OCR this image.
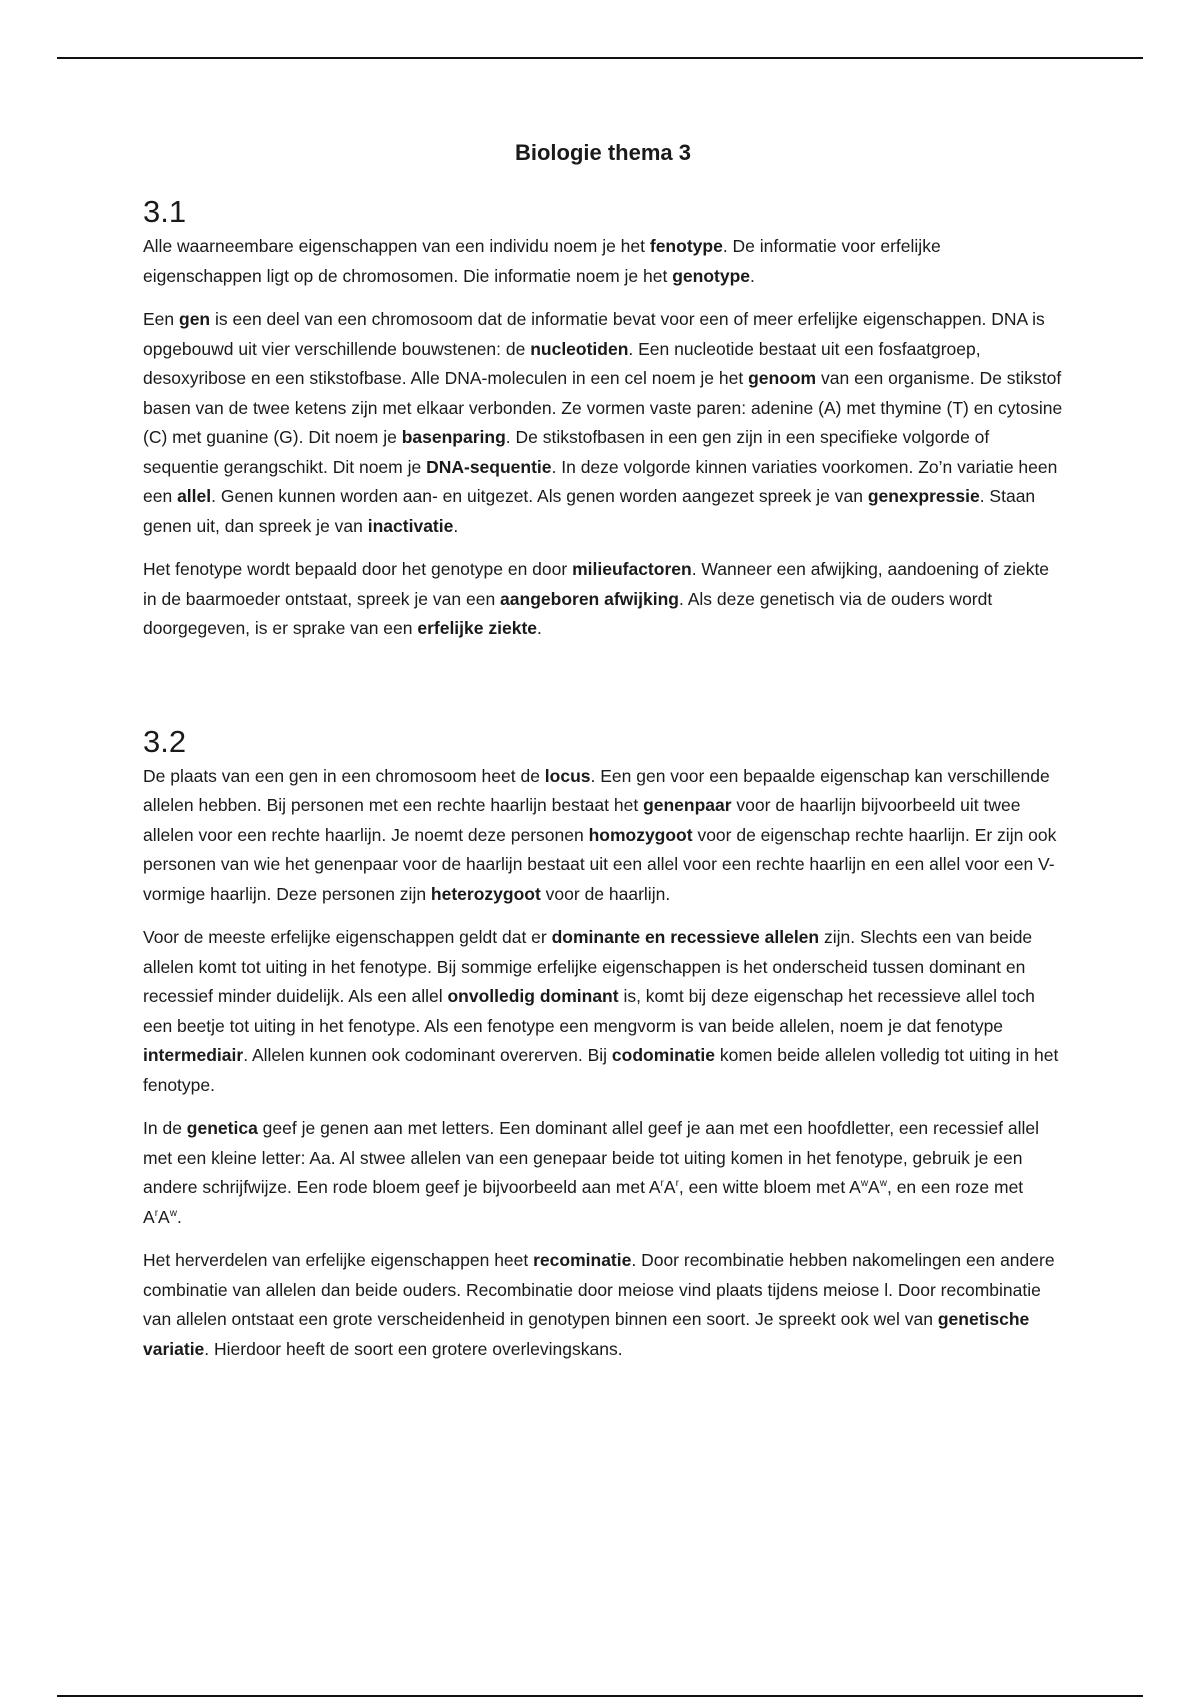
Biologie thema 3
3.1

Alle waarneembare eigenschappen van een individu noem je het fenotype. De informatie voor erfelijke eigenschappen ligt op de chromosomen. Die informatie noem je het genotype.

Een gen is een deel van een chromosoom dat de informatie bevat voor een of meer erfelijke eigenschappen. DNA is opgebouwd uit vier verschillende bouwstenen: de nucleotiden. Een nucleotide bestaat uit een fosfaatgroep, desoxyribose en een stikstofbase. Alle DNA-moleculen in een cel noem je het genoom van een organisme. De stikstof basen van de twee ketens zijn met elkaar verbonden. Ze vormen vaste paren: adenine (A) met thymine (T) en cytosine (C) met guanine (G). Dit noem je basenparing. De stikstofbasen in een gen zijn in een specifieke volgorde of sequentie gerangschikt. Dit noem je DNA-sequentie. In deze volgorde kinnen variaties voorkomen. Zo’n variatie heen een allel. Genen kunnen worden aan- en uitgezet. Als genen worden aangezet spreek je van genexpressie. Staan genen uit, dan spreek je van inactivatie.

Het fenotype wordt bepaald door het genotype en door milieufactoren. Wanneer een afwijking, aandoening of ziekte in de baarmoeder ontstaat, spreek je van een aangeboren afwijking. Als deze genetisch via de ouders wordt doorgegeven, is er sprake van een erfelijke ziekte.

3.2

De plaats van een gen in een chromosoom heet de locus. Een gen voor een bepaalde eigenschap kan verschillende allelen hebben. Bij personen met een rechte haarlijn bestaat het genenpaar voor de haarlijn bijvoorbeeld uit twee allelen voor een rechte haarlijn. Je noemt deze personen homozygoot voor de eigenschap rechte haarlijn. Er zijn ook personen van wie het genenpaar voor de haarlijn bestaat uit een allel voor een rechte haarlijn en een allel voor een V-vormige haarlijn. Deze personen zijn heterozygoot voor de haarlijn.

Voor de meeste erfelijke eigenschappen geldt dat er dominante en recessieve allelen zijn. Slechts een van beide allelen komt tot uiting in het fenotype. Bij sommige erfelijke eigenschappen is het onderscheid tussen dominant en recessief minder duidelijk. Als een allel onvolledig dominant is, komt bij deze eigenschap het recessieve allel toch een beetje tot uiting in het fenotype. Als een fenotype een mengvorm is van beide allelen, noem je dat fenotype intermediair. Allelen kunnen ook codominant overerven. Bij codominatie komen beide allelen volledig tot uiting in het fenotype.

In de genetica geef je genen aan met letters. Een dominant allel geef je aan met een hoofdletter, een recessief allel met een kleine letter: Aa. Al stwee allelen van een genepaar beide tot uiting komen in het fenotype, gebruik je een andere schrijfwijze. Een rode bloem geef je bijvoorbeeld aan met $A^rA^r$, een witte bloem met $A^wA^w$, en een roze met $A^rA^w$.

Het herverdelen van erfelijke eigenschappen heet recominatie. Door recombinatie hebben nakomelingen een andere combinatie van allelen dan beide ouders. Recombinatie door meiose vind plaats tijdens meiose l. Door recombinatie van allelen ontstaat een grote verscheidenheid in genotypen binnen een soort. Je spreekt ook wel van genetische variatie. Hierdoor heeft de soort een grotere overlevingskans.
